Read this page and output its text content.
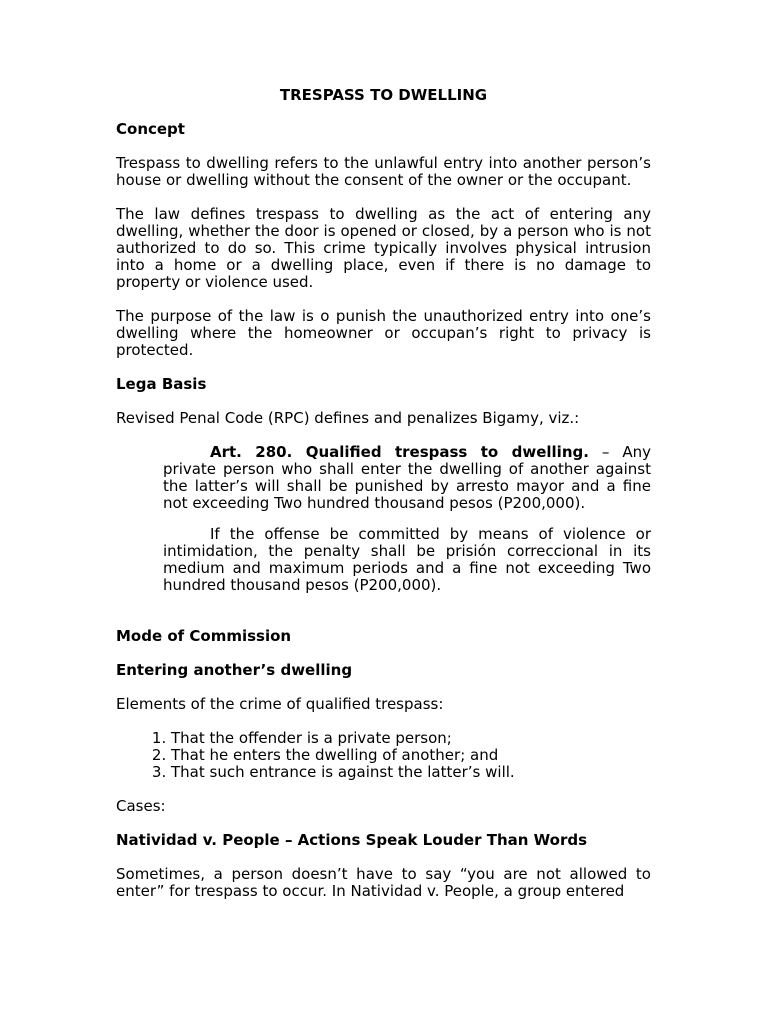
TRESPASS TO DWELLING
Concept

Trespass to dwelling refers to the unlawful entry into another person’s house or dwelling without the consent of the owner or the occupant.

The law defines trespass to dwelling as the act of entering any dwelling, whether the door is opened or closed, by a person who is not authorized to do so. This crime typically involves physical intrusion into a home or a dwelling place, even if there is no damage to property or violence used.

The purpose of the law is o punish the unauthorized entry into one’s dwelling where the homeowner or occupan’s right to privacy is protected.

Lega Basis

Revised Penal Code (RPC) defines and penalizes Bigamy, viz.:

Art. 280. Qualified trespass to dwelling. – Any private person who shall enter the dwelling of another against the latter’s will shall be punished by arresto mayor and a fine not exceeding Two hundred thousand pesos (P200,000).

If the offense be committed by means of violence or intimidation, the penalty shall be prisión correccional in its medium and maximum periods and a fine not exceeding Two hundred thousand pesos (P200,000).

Mode of Commission
Entering another’s dwelling

Elements of the crime of qualified trespass:

1. That the offender is a private person;
2. That he enters the dwelling of another; and
3. That such entrance is against the latter’s will.

Cases:

Natividad v. People – Actions Speak Louder Than Words

Sometimes, a person doesn’t have to say “you are not allowed to enter” for trespass to occur. In Natividad v. People, a group entered
